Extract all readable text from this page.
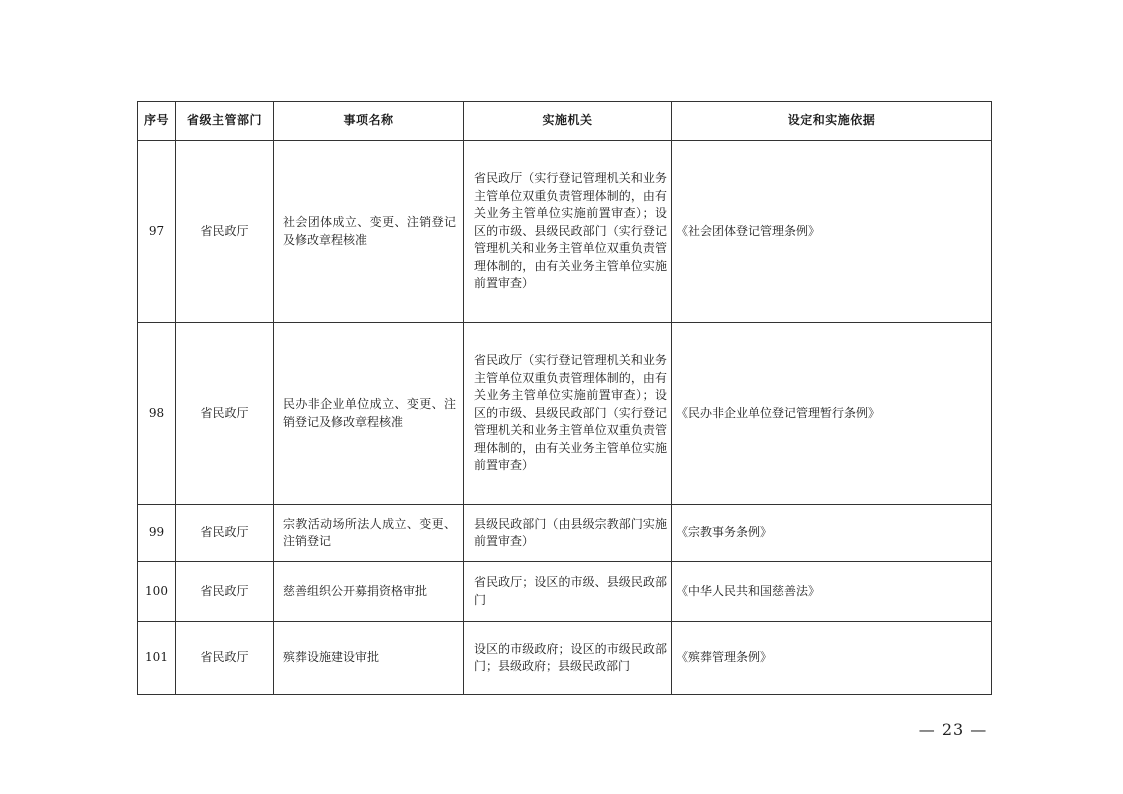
序号	省级主管部门	事项名称	实施机关	设定和实施依据
97	省民政厅	社会团体成立、变更、注销登记及修改章程核准	省民政厅（实行登记管理机关和业务主管单位双重负责管理体制的，由有关业务主管单位实施前置审查）；设区的市级、县级民政部门（实行登记管理机关和业务主管单位双重负责管理体制的，由有关业务主管单位实施前置审查）	《社会团体登记管理条例》
98	省民政厅	民办非企业单位成立、变更、注销登记及修改章程核准	省民政厅（实行登记管理机关和业务主管单位双重负责管理体制的，由有关业务主管单位实施前置审查）；设区的市级、县级民政部门（实行登记管理机关和业务主管单位双重负责管理体制的，由有关业务主管单位实施前置审查）	《民办非企业单位登记管理暂行条例》
99	省民政厅	宗教活动场所法人成立、变更、注销登记	县级民政部门（由县级宗教部门实施前置审查）	《宗教事务条例》
100	省民政厅	慈善组织公开募捐资格审批	省民政厅；设区的市级、县级民政部门	《中华人民共和国慈善法》
101	省民政厅	殡葬设施建设审批	设区的市级政府；设区的市级民政部门；县级政府；县级民政部门	《殡葬管理条例》
— 23 —
